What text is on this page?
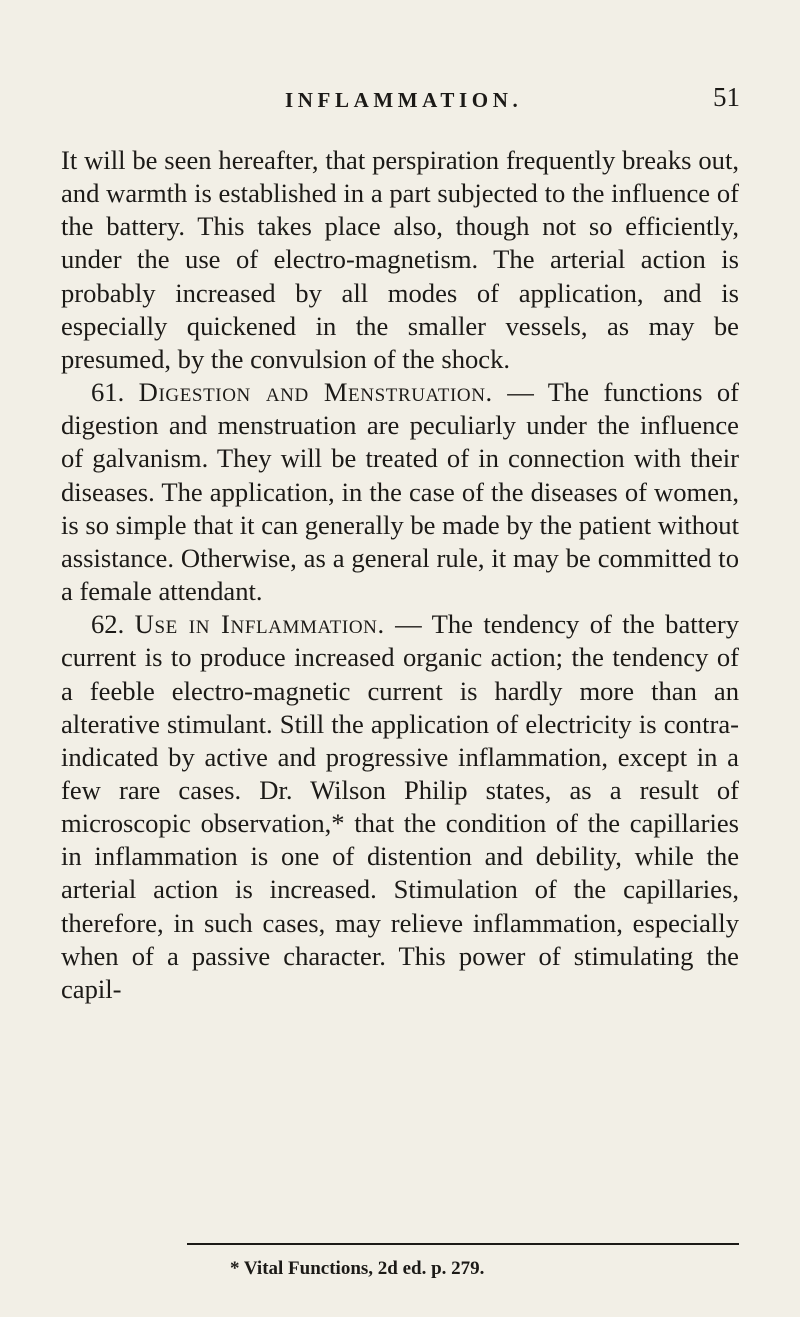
INFLAMMATION.	51

It will be seen hereafter, that perspiration frequently breaks out, and warmth is established in a part subjected to the influence of the battery. This takes place also, though not so efficiently, under the use of electro-magnetism. The arterial action is probably increased by all modes of application, and is especially quickened in the smaller vessels, as may be presumed, by the convulsion of the shock.

61. Digestion and Menstruation. — The functions of digestion and menstruation are peculiarly under the influence of galvanism. They will be treated of in connection with their diseases. The application, in the case of the diseases of women, is so simple that it can generally be made by the patient without assistance. Otherwise, as a general rule, it may be committed to a female attendant.

62. Use in Inflammation. — The tendency of the battery current is to produce increased organic action; the tendency of a feeble electro-magnetic current is hardly more than an alterative stimulant. Still the application of electricity is contra-indicated by active and progressive inflammation, except in a few rare cases. Dr. Wilson Philip states, as a result of microscopic observation,* that the condition of the capillaries in inflammation is one of distention and debility, while the arterial action is increased. Stimulation of the capillaries, therefore, in such cases, may relieve inflammation, especially when of a passive character. This power of stimulating the capil-

* Vital Functions, 2d ed. p. 279.
